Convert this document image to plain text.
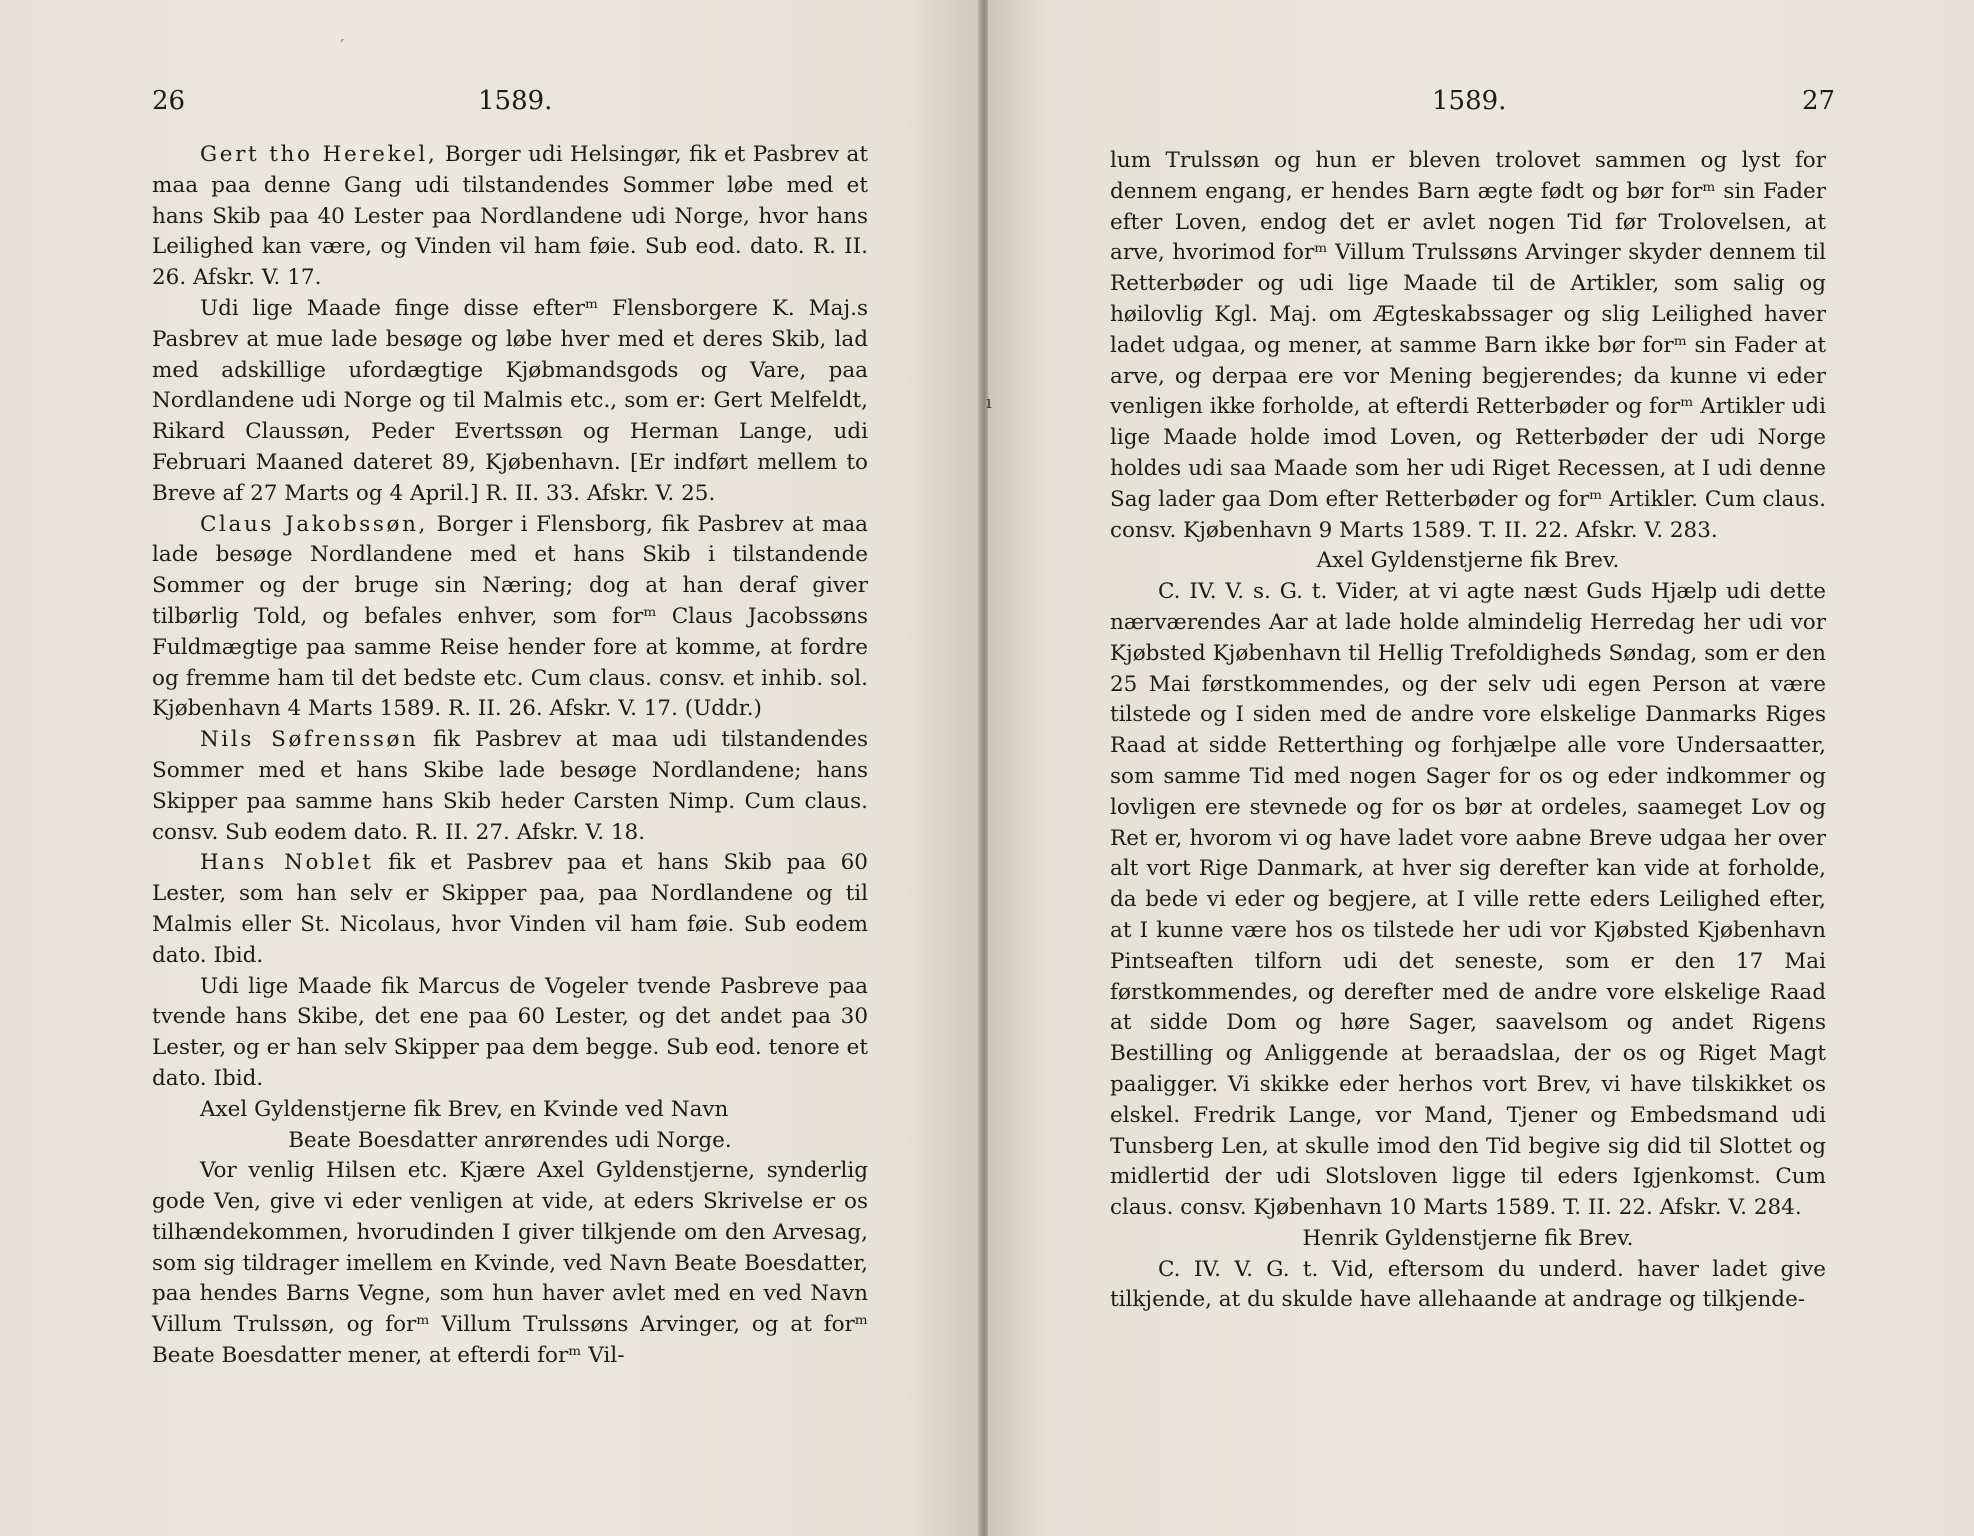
′
26	1589.

Gert tho Herekel, Borger udi Helsingør, fik et Pasbrev at maa paa denne Gang udi tilstandendes Sommer løbe med et hans Skib paa 40 Lester paa Nordlandene udi Norge, hvor hans Leilighed kan være, og Vinden vil ham føie. Sub eod. dato. R. II. 26. Afskr. V. 17.

Udi lige Maade finge disse efterᵐ Flensborgere K. Maj.s Pasbrev at mue lade besøge og løbe hver med et deres Skib, lad med adskillige ufordægtige Kjøbmandsgods og Vare, paa Nordlandene udi Norge og til Malmis etc., som er: Gert Melfeldt, Rikard Claussøn, Peder Evertssøn og Herman Lange, udi Februari Maaned dateret 89, Kjøbenhavn. [Er indført mellem to Breve af 27 Marts og 4 April.] R. II. 33. Afskr. V. 25.

Claus Jakobssøn, Borger i Flensborg, fik Pasbrev at maa lade besøge Nordlandene med et hans Skib i tilstandende Sommer og der bruge sin Næring; dog at han deraf giver tilbørlig Told, og befales enhver, som forᵐ Claus Jacobssøns Fuldmægtige paa samme Reise hender fore at komme, at fordre og fremme ham til det bedste etc. Cum claus. consv. et inhib. sol. Kjøbenhavn 4 Marts 1589. R. II. 26. Afskr. V. 17. (Uddr.)

Nils Søfrenssøn fik Pasbrev at maa udi tilstandendes Sommer med et hans Skibe lade besøge Nordlandene; hans Skipper paa samme hans Skib heder Carsten Nimp. Cum claus. consv. Sub eodem dato. R. II. 27. Afskr. V. 18.

Hans Noblet fik et Pasbrev paa et hans Skib paa 60 Lester, som han selv er Skipper paa, paa Nordlandene og til Malmis eller St. Nicolaus, hvor Vinden vil ham føie. Sub eodem dato. Ibid.

Udi lige Maade fik Marcus de Vogeler tvende Pasbreve paa tvende hans Skibe, det ene paa 60 Lester, og det andet paa 30 Lester, og er han selv Skipper paa dem begge. Sub eod. tenore et dato. Ibid.

Axel Gyldenstjerne fik Brev, en Kvinde ved Navn

Beate Boesdatter anrørendes udi Norge.

Vor venlig Hilsen etc. Kjære Axel Gyldenstjerne, synderlig gode Ven, give vi eder venligen at vide, at eders Skrivelse er os tilhændekommen, hvorudinden I giver tilkjende om den Arvesag, som sig tildrager imellem en Kvinde, ved Navn Beate Boesdatter, paa hendes Barns Vegne, som hun haver avlet med en ved Navn Villum Trulssøn, og forᵐ Villum Trulssøns Arvinger, og at forᵐ Beate Boesdatter mener, at efterdi forᵐ Vil-

ı
1589.	27

lum Trulssøn og hun er bleven trolovet sammen og lyst for dennem engang, er hendes Barn ægte født og bør forᵐ sin Fader efter Loven, endog det er avlet nogen Tid før Trolovelsen, at arve, hvorimod forᵐ Villum Trulssøns Arvinger skyder dennem til Retterbøder og udi lige Maade til de Artikler, som salig og høilovlig Kgl. Maj. om Ægteskabssager og slig Leilighed haver ladet udgaa, og mener, at samme Barn ikke bør forᵐ sin Fader at arve, og derpaa ere vor Mening begjerendes; da kunne vi eder venligen ikke forholde, at efterdi Retterbøder og forᵐ Artikler udi lige Maade holde imod Loven, og Retterbøder der udi Norge holdes udi saa Maade som her udi Riget Recessen, at I udi denne Sag lader gaa Dom efter Retterbøder og forᵐ Artikler. Cum claus. consv. Kjøbenhavn 9 Marts 1589. T. II. 22. Afskr. V. 283.

Axel Gyldenstjerne fik Brev.

C. IV. V. s. G. t. Vider, at vi agte næst Guds Hjælp udi dette nærværendes Aar at lade holde almindelig Herredag her udi vor Kjøbsted Kjøbenhavn til Hellig Trefoldigheds Søndag, som er den 25 Mai førstkommendes, og der selv udi egen Person at være tilstede og I siden med de andre vore elskelige Danmarks Riges Raad at sidde Retterthing og forhjælpe alle vore Undersaatter, som samme Tid med nogen Sager for os og eder indkommer og lovligen ere stevnede og for os bør at ordeles, saameget Lov og Ret er, hvorom vi og have ladet vore aabne Breve udgaa her over alt vort Rige Danmark, at hver sig derefter kan vide at forholde, da bede vi eder og begjere, at I ville rette eders Leilighed efter, at I kunne være hos os tilstede her udi vor Kjøbsted Kjøbenhavn Pintseaften tilforn udi det seneste, som er den 17 Mai førstkommendes, og derefter med de andre vore elskelige Raad at sidde Dom og høre Sager, saavelsom og andet Rigens Bestilling og Anliggende at beraadslaa, der os og Riget Magt paaligger. Vi skikke eder herhos vort Brev, vi have tilskikket os elskel. Fredrik Lange, vor Mand, Tjener og Embedsmand udi Tunsberg Len, at skulle imod den Tid begive sig did til Slottet og midlertid der udi Slotsloven ligge til eders Igjenkomst. Cum claus. consv. Kjøbenhavn 10 Marts 1589. T. II. 22. Afskr. V. 284.

Henrik Gyldenstjerne fik Brev.

C. IV. V. G. t. Vid, eftersom du underd. haver ladet give tilkjende, at du skulde have allehaande at andrage og tilkjende-
